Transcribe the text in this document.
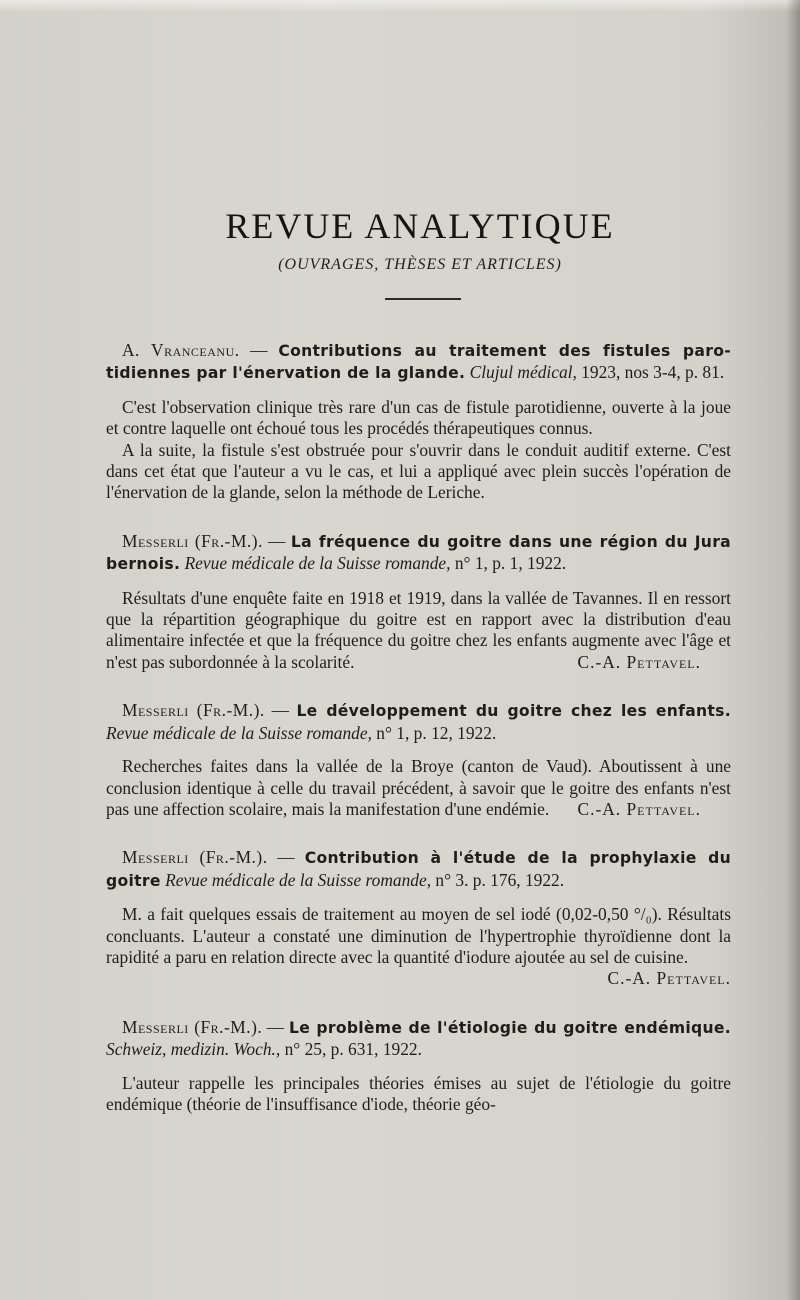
REVUE ANALYTIQUE
(OUVRAGES, THÈSES ET ARTICLES)

A. Vranceanu. — Contributions au traitement des fistules paro-tidiennes par l'énervation de la glande. Clujul médical, 1923, nos 3-4, p. 81.

C'est l'observation clinique très rare d'un cas de fistule parotidienne, ouverte à la joue et contre laquelle ont échoué tous les procédés thérapeutiques connus.

A la suite, la fistule s'est obstruée pour s'ouvrir dans le conduit auditif externe. C'est dans cet état que l'auteur a vu le cas, et lui a appliqué avec plein succès l'opération de l'énervation de la glande, selon la méthode de Leriche.

Messerli (Fr.-M.). — La fréquence du goitre dans une région du Jura bernois. Revue médicale de la Suisse romande, n° 1, p. 1, 1922.

Résultats d'une enquête faite en 1918 et 1919, dans la vallée de Tavannes. Il en ressort que la répartition géographique du goitre est en rapport avec la distribution d'eau alimentaire infectée et que la fréquence du goitre chez les enfants augmente avec l'âge et n'est pas subordonnée à la scolarité.	C.-A. Pettavel.

Messerli (Fr.-M.). — Le développement du goitre chez les enfants. Revue médicale de la Suisse romande, n° 1, p. 12, 1922.

Recherches faites dans la vallée de la Broye (canton de Vaud). Aboutissent à une conclusion identique à celle du travail précédent, à savoir que le goitre des enfants n'est pas une affection scolaire, mais la manifestation d'une endémie.	C.-A. Pettavel.

Messerli (Fr.-M.). — Contribution à l'étude de la prophylaxie du goitre Revue médicale de la Suisse romande, n° 3. p. 176, 1922.

M. a fait quelques essais de traitement au moyen de sel iodé (0,02-0,50 °/₀). Résultats concluants. L'auteur a constaté une diminution de l'hypertrophie thyroïdienne dont la rapidité a paru en relation directe avec la quantité d'iodure ajoutée au sel de cuisine.

C.-A. Pettavel.

Messerli (Fr.-M.). — Le problème de l'étiologie du goitre endémique. Schweiz, medizin. Woch., n° 25, p. 631, 1922.

L'auteur rappelle les principales théories émises au sujet de l'étiologie du goitre endémique (théorie de l'insuffisance d'iode, théorie géo-
